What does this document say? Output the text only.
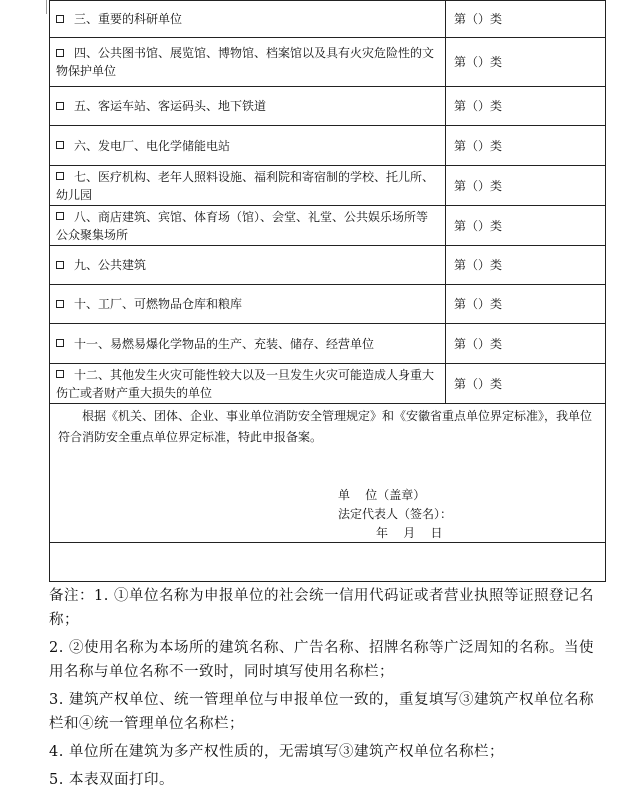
三、重要的科研单位	第（）类
四、公共图书馆、展览馆、博物馆、档案馆以及具有火灾危险性的文物保护单位	第（）类
五、客运车站、客运码头、地下铁道	第（）类
六、发电厂、电化学储能电站	第（）类
七、医疗机构、老年人照料设施、福利院和寄宿制的学校、托儿所、幼儿园	第（）类
八、商店建筑、宾馆、体育场（馆）、会堂、礼堂、公共娱乐场所等公众聚集场所	第（）类
九、公共建筑	第（）类
十、工厂、可燃物品仓库和粮库	第（）类
十一、易燃易爆化学物品的生产、充装、储存、经营单位	第（）类
十二、其他发生火灾可能性较大以及一旦发生火灾可能造成人身重大伤亡或者财产重大损失的单位	第（）类

根据《机关、团体、企业、事业单位消防安全管理规定》和《安徽省重点单位界定标准》，我单位符合消防安全重点单位界定标准，特此申报备案。
单    位（盖章）
法定代表人（签名）：
年    月    日	

备注：1. ①单位名称为申报单位的社会统一信用代码证或者营业执照等证照登记名称；

2. ②使用名称为本场所的建筑名称、广告名称、招牌名称等广泛周知的名称。当使用名称与单位名称不一致时，同时填写使用名称栏；

3. 建筑产权单位、统一管理单位与申报单位一致的，重复填写③建筑产权单位名称栏和④统一管理单位名称栏；

4. 单位所在建筑为多产权性质的，无需填写③建筑产权单位名称栏；

5. 本表双面打印。
